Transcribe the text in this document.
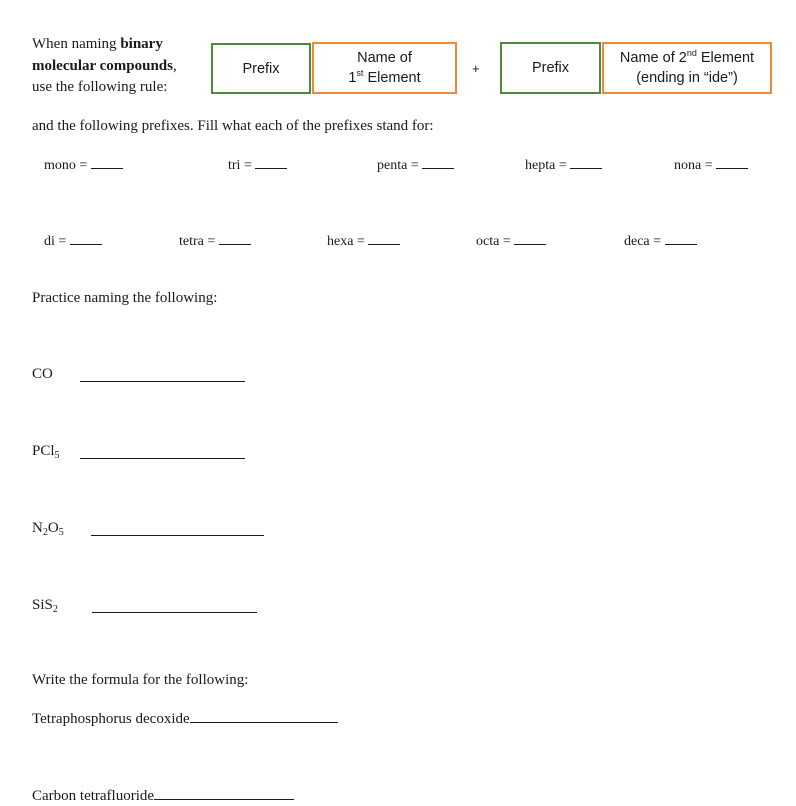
When naming binary
molecular compounds,
use the following rule:
Prefix
Name of
1st Element
+	Prefix
Name of 2nd Element
(ending in “ide”)
and the following prefixes. Fill what each of the prefixes stand for:
mono =	tri =	penta =	hepta =	nona =
di =	tetra =	hexa =	octa =	deca =
Practice naming the following:
CO
PCl$_5$
$N_2O_5$
SiS$_2$
Write the formula for the following:
Tetraphosphorus decoxide
Carbon tetrafluoride
